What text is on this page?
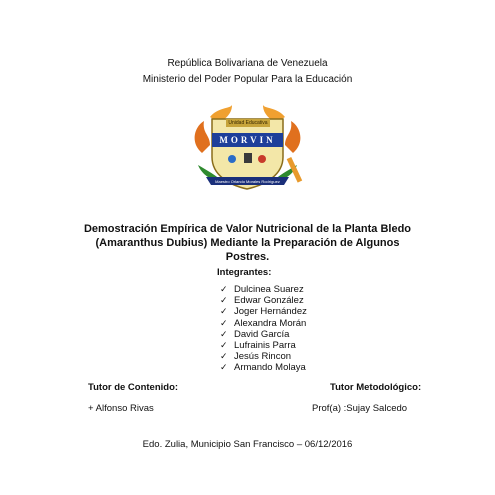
República Bolivariana de Venezuela
Ministerio del Poder Popular Para la Educación
Unidad Educativa
MORVIN
Maestro Orlando Morales Rodríguez
Demostración Empírica de Valor Nutricional de la Planta Bledo
(Amaranthus Dubius) Mediante la Preparación de Algunos
Postres.
Integrantes:
✓ Dulcinea Suarez
✓ Edwar González
✓ Joger Hernández
✓ Alexandra Morán
✓ David García
✓ Lufrainis Parra
✓ Jesús Rincon
✓ Armando Molaya
Tutor de Contenido:
+ Alfonso Rivas
Tutor Metodológico:
Prof(a) :Sujay Salcedo
Edo. Zulia, Municipio San Francisco – 06/12/2016
